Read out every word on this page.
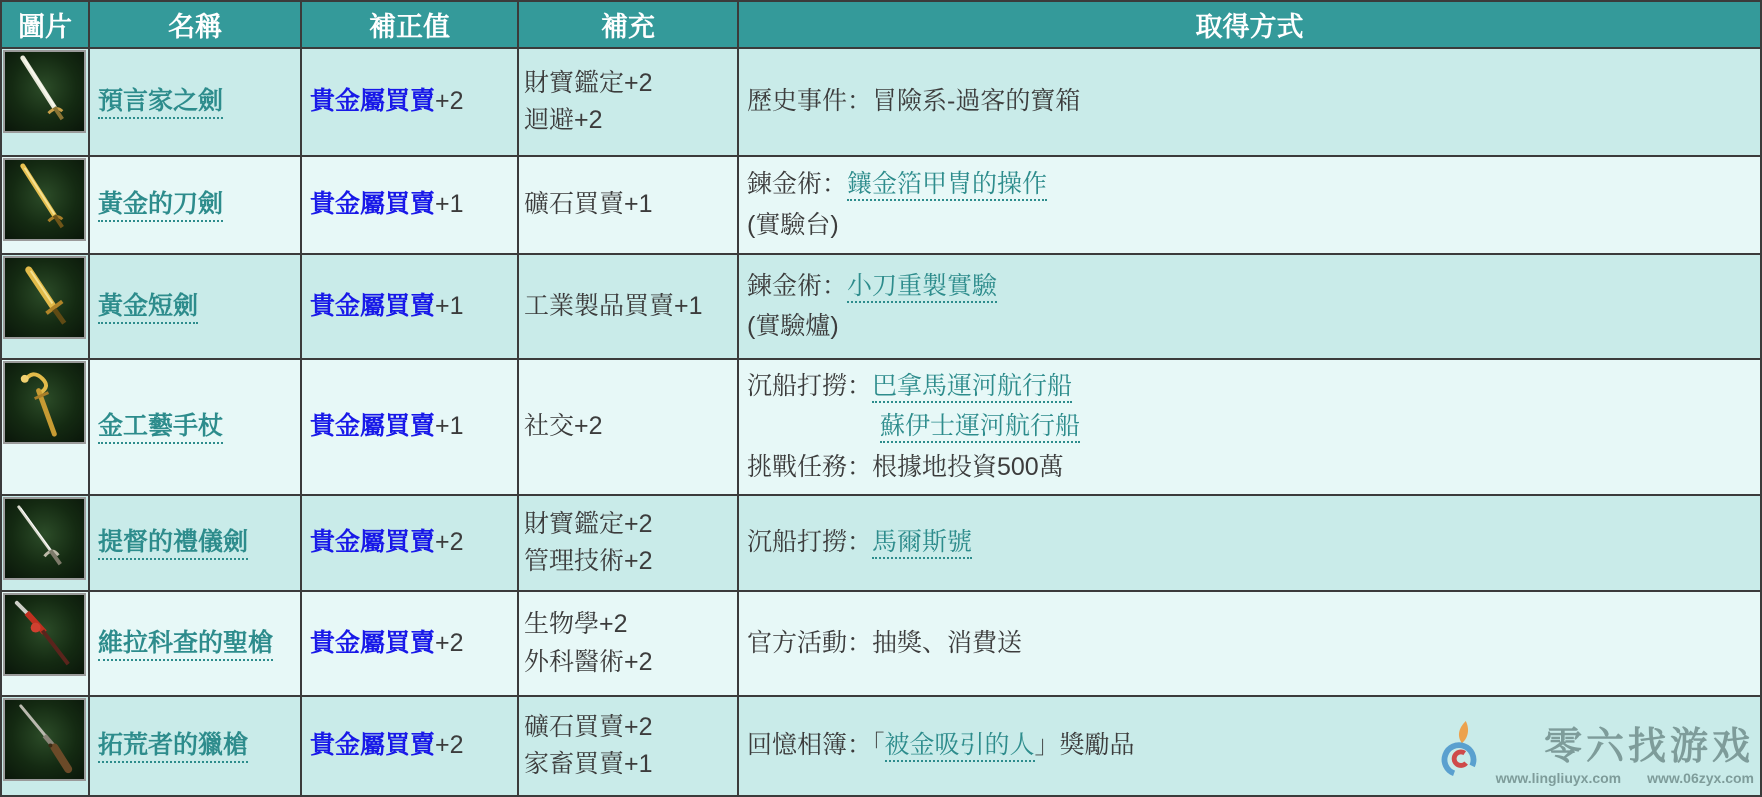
圖片	名稱	補正值	補充	取得方式

	預言家之劍	貴金屬買賣+2	財寶鑑定+2
迴避+2	歷史事件：冒險系-過客的寶箱

	黃金的刀劍	貴金屬買賣+1	礦石買賣+1	鍊金術：鑲金箔甲冑的操作
(實驗台)

	黃金短劍	貴金屬買賣+1	工業製品買賣+1	鍊金術：小刀重製實驗
(實驗爐)

	金工藝手杖	貴金屬買賣+1	社交+2	沉船打撈：巴拿馬運河航行船
蘇伊士運河航行船
挑戰任務：根據地投資500萬

	提督的禮儀劍	貴金屬買賣+2	財寶鑑定+2
管理技術+2	沉船打撈：馬爾斯號

	維拉科查的聖槍	貴金屬買賣+2	生物學+2
外科醫術+2	官方活動：抽獎、消費送

	拓荒者的獵槍	貴金屬買賣+2	礦石買賣+2
家畜買賣+1	回憶相簿：「被金吸引的人」獎勵品	零六找游戏
www.lingliuyx.com www.06zyx.com
